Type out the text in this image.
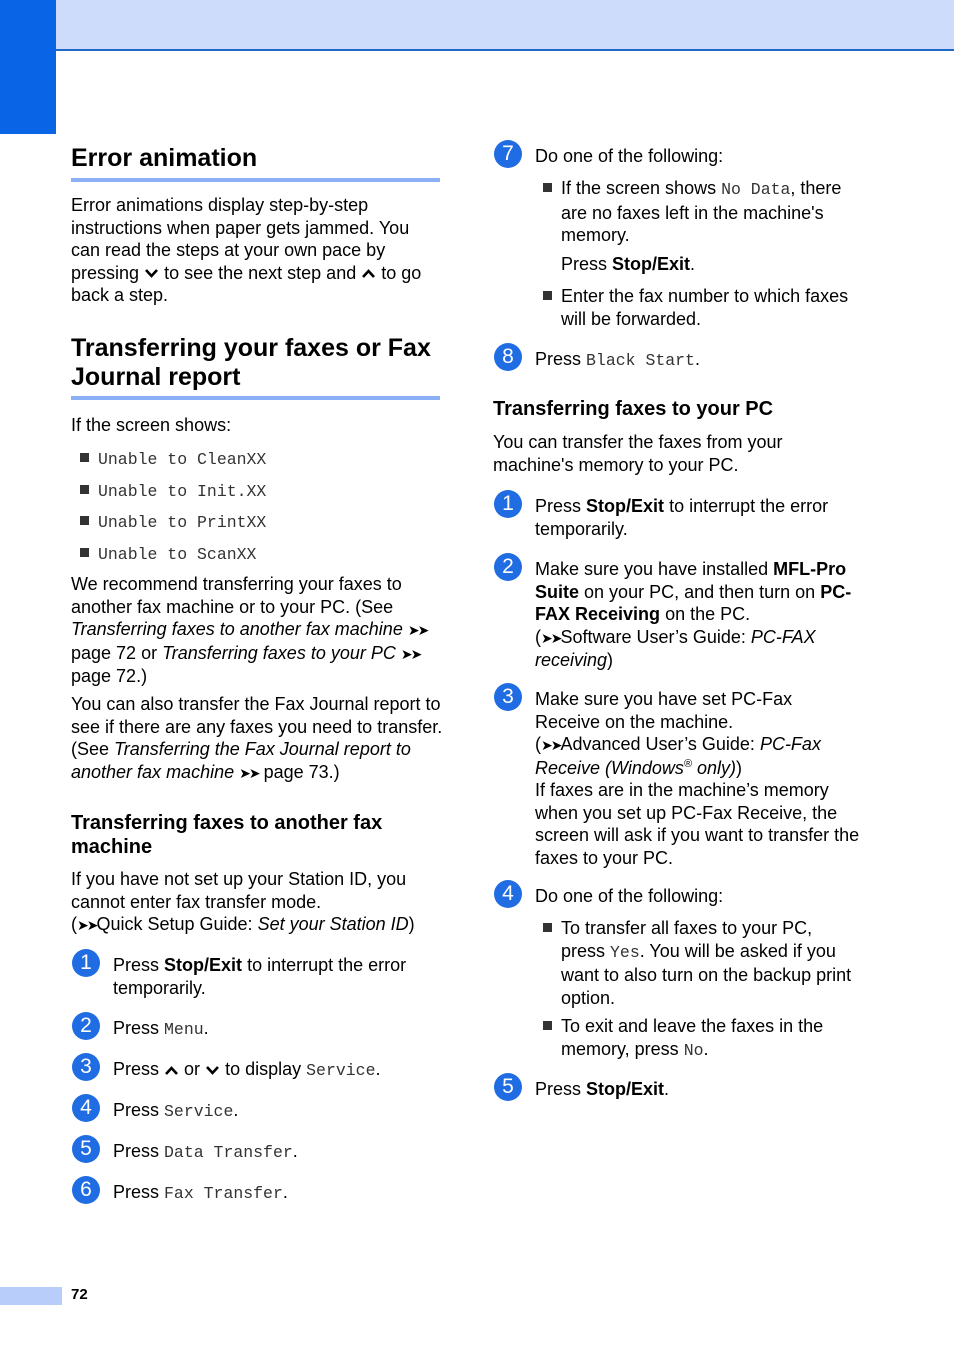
Error animation
Error animations display step-by-step instructions when paper gets jammed. You can read the steps at your own pace by pressing to see the next step and to go back a step.
Transferring your faxes or Fax Journal report
If the screen shows:
Unable to CleanXX
Unable to Init.XX
Unable to PrintXX
Unable to ScanXX
We recommend transferring your faxes to another fax machine or to your PC. (See Transferring faxes to another fax machine ➤➤ page 72 or Transferring faxes to your PC ➤➤ page 72.)
You can also transfer the Fax Journal report to see if there are any faxes you need to transfer. (See Transferring the Fax Journal report to another fax machine ➤➤ page 73.)
Transferring faxes to another fax machine
If you have not set up your Station ID, you cannot enter fax transfer mode.
(➤➤Quick Setup Guide: Set your Station ID)
1	Press Stop/Exit to interrupt the error temporarily.
2	Press Menu.
3	Press or to display Service.
4	Press Service.
5	Press Data Transfer.
6	Press Fax Transfer.
7	Do one of the following:
If the screen shows No Data, there are no faxes left in the machine's memory.
Press Stop/Exit.
Enter the fax number to which faxes will be forwarded.
8	Press Black Start.
Transferring faxes to your PC
You can transfer the faxes from your machine's memory to your PC.
1	Press Stop/Exit to interrupt the error temporarily.
2	Make sure you have installed MFL-Pro Suite on your PC, and then turn on PC-FAX Receiving on the PC.
(➤➤Software User’s Guide: PC-FAX receiving)
3	Make sure you have set PC-Fax Receive on the machine.
(➤➤Advanced User’s Guide: PC-Fax Receive (Windows® only))
If faxes are in the machine’s memory when you set up PC-Fax Receive, the screen will ask if you want to transfer the faxes to your PC.
4	Do one of the following:
To transfer all faxes to your PC, press Yes. You will be asked if you want to also turn on the backup print option.
To exit and leave the faxes in the memory, press No.
5	Press Stop/Exit.
72
